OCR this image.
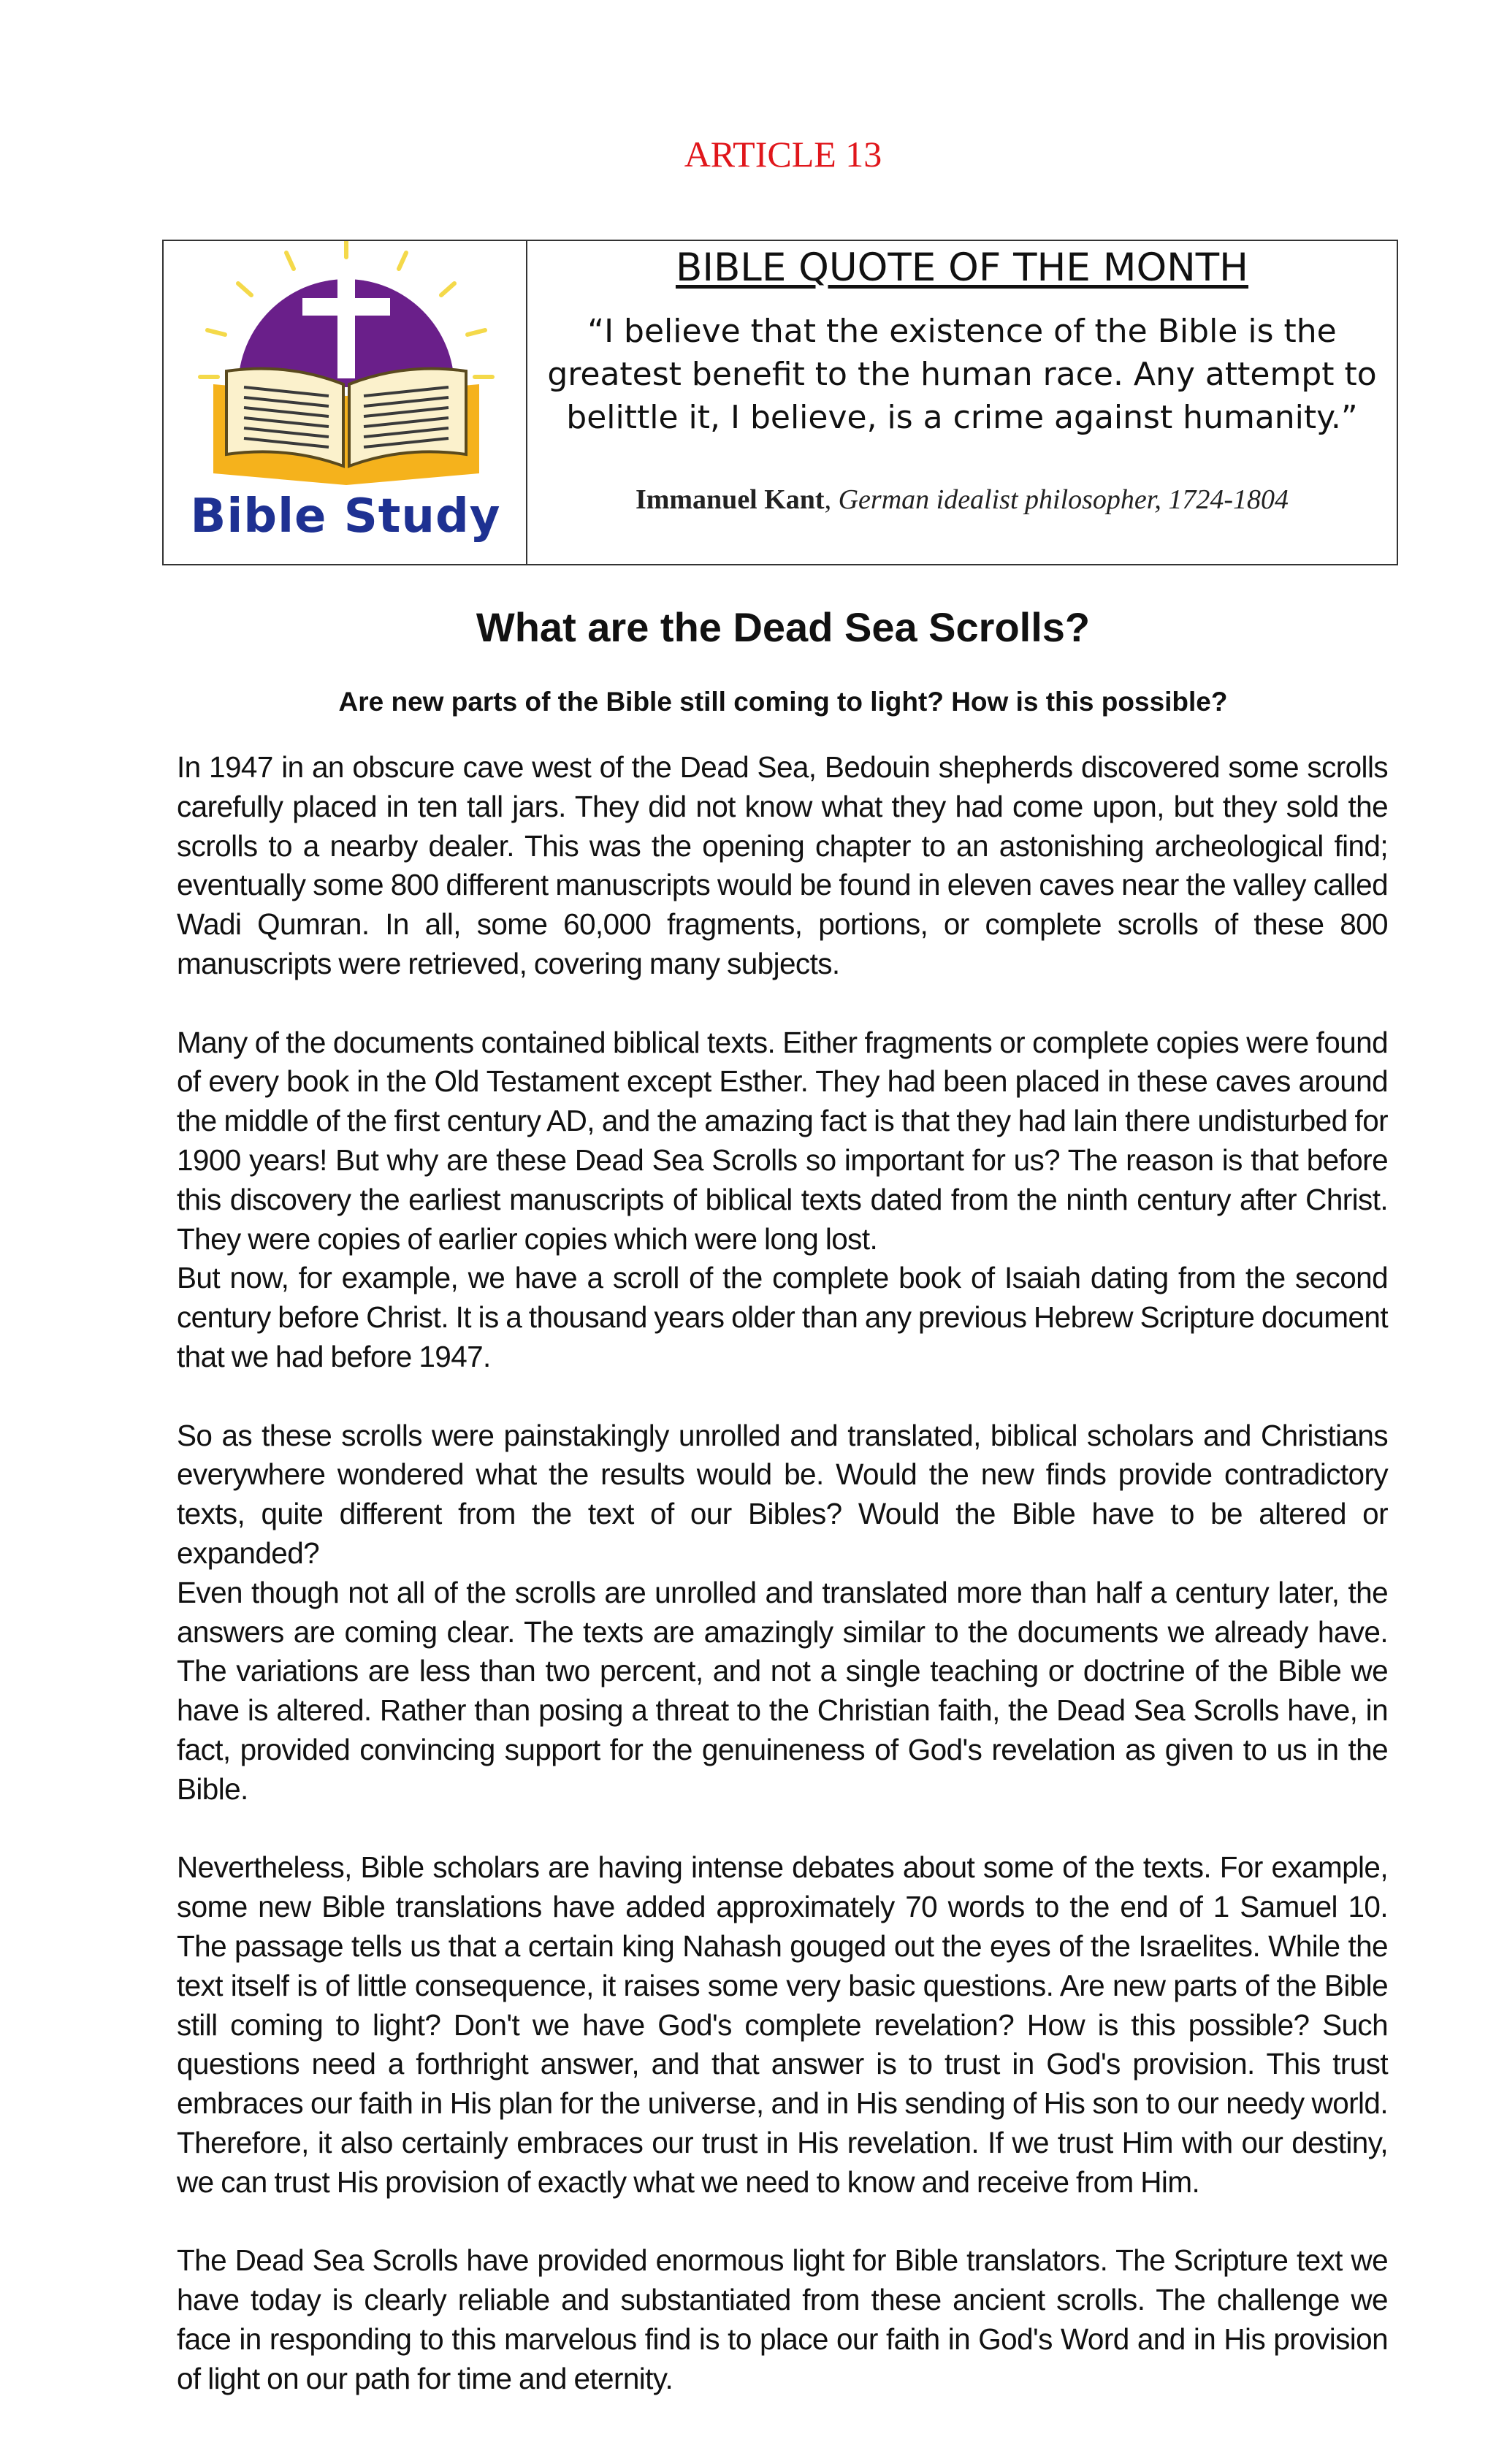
ARTICLE 13
Bible Study
BIBLE QUOTE OF THE MONTH
“I believe that the existence of the Bible is the greatest benefit to the human race. Any attempt to belittle it, I believe, is a crime against humanity.”
Immanuel Kant, German idealist philosopher, 1724-1804
What are the Dead Sea Scrolls?
Are new parts of the Bible still coming to light? How is this possible?

In 1947 in an obscure cave west of the Dead Sea, Bedouin shepherds discovered some scrolls carefully placed in ten tall jars. They did not know what they had come upon, but they sold the scrolls to a nearby dealer. This was the opening chapter to an astonishing archeological find; eventually some 800 different manuscripts would be found in eleven caves near the valley called Wadi Qumran. In all, some 60,000 fragments, portions, or complete scrolls of these 800 manuscripts were retrieved, covering many subjects.

Many of the documents contained biblical texts. Either fragments or complete copies were found of every book in the Old Testament except Esther. They had been placed in these caves around the middle of the first century AD, and the amazing fact is that they had lain there undisturbed for 1900 years! But why are these Dead Sea Scrolls so important for us? The reason is that before this discovery the earliest manuscripts of biblical texts dated from the ninth century after Christ. They were copies of earlier copies which were long lost.

But now, for example, we have a scroll of the complete book of Isaiah dating from the second century before Christ. It is a thousand years older than any previous Hebrew Scripture document that we had before 1947.

So as these scrolls were painstakingly unrolled and translated, biblical scholars and Christians everywhere wondered what the results would be. Would the new finds provide contradictory texts, quite different from the text of our Bibles? Would the Bible have to be altered or expanded?

Even though not all of the scrolls are unrolled and translated more than half a century later, the answers are coming clear. The texts are amazingly similar to the documents we already have. The variations are less than two percent, and not a single teaching or doctrine of the Bible we have is altered. Rather than posing a threat to the Christian faith, the Dead Sea Scrolls have, in fact, provided convincing support for the genuineness of God's revelation as given to us in the Bible.

Nevertheless, Bible scholars are having intense debates about some of the texts. For example, some new Bible translations have added approximately 70 words to the end of 1 Samuel 10. The passage tells us that a certain king Nahash gouged out the eyes of the Israelites. While the text itself is of little consequence, it raises some very basic questions. Are new parts of the Bible still coming to light? Don't we have God's complete revelation? How is this possible? Such questions need a forthright answer, and that answer is to trust in God's provision. This trust embraces our faith in His plan for the universe, and in His sending of His son to our needy world. Therefore, it also certainly embraces our trust in His revelation. If we trust Him with our destiny, we can trust His provision of exactly what we need to know and receive from Him.

The Dead Sea Scrolls have provided enormous light for Bible translators. The Scripture text we have today is clearly reliable and substantiated from these ancient scrolls. The challenge we face in responding to this marvelous find is to place our faith in God's Word and in His provision of light on our path for time and eternity.
